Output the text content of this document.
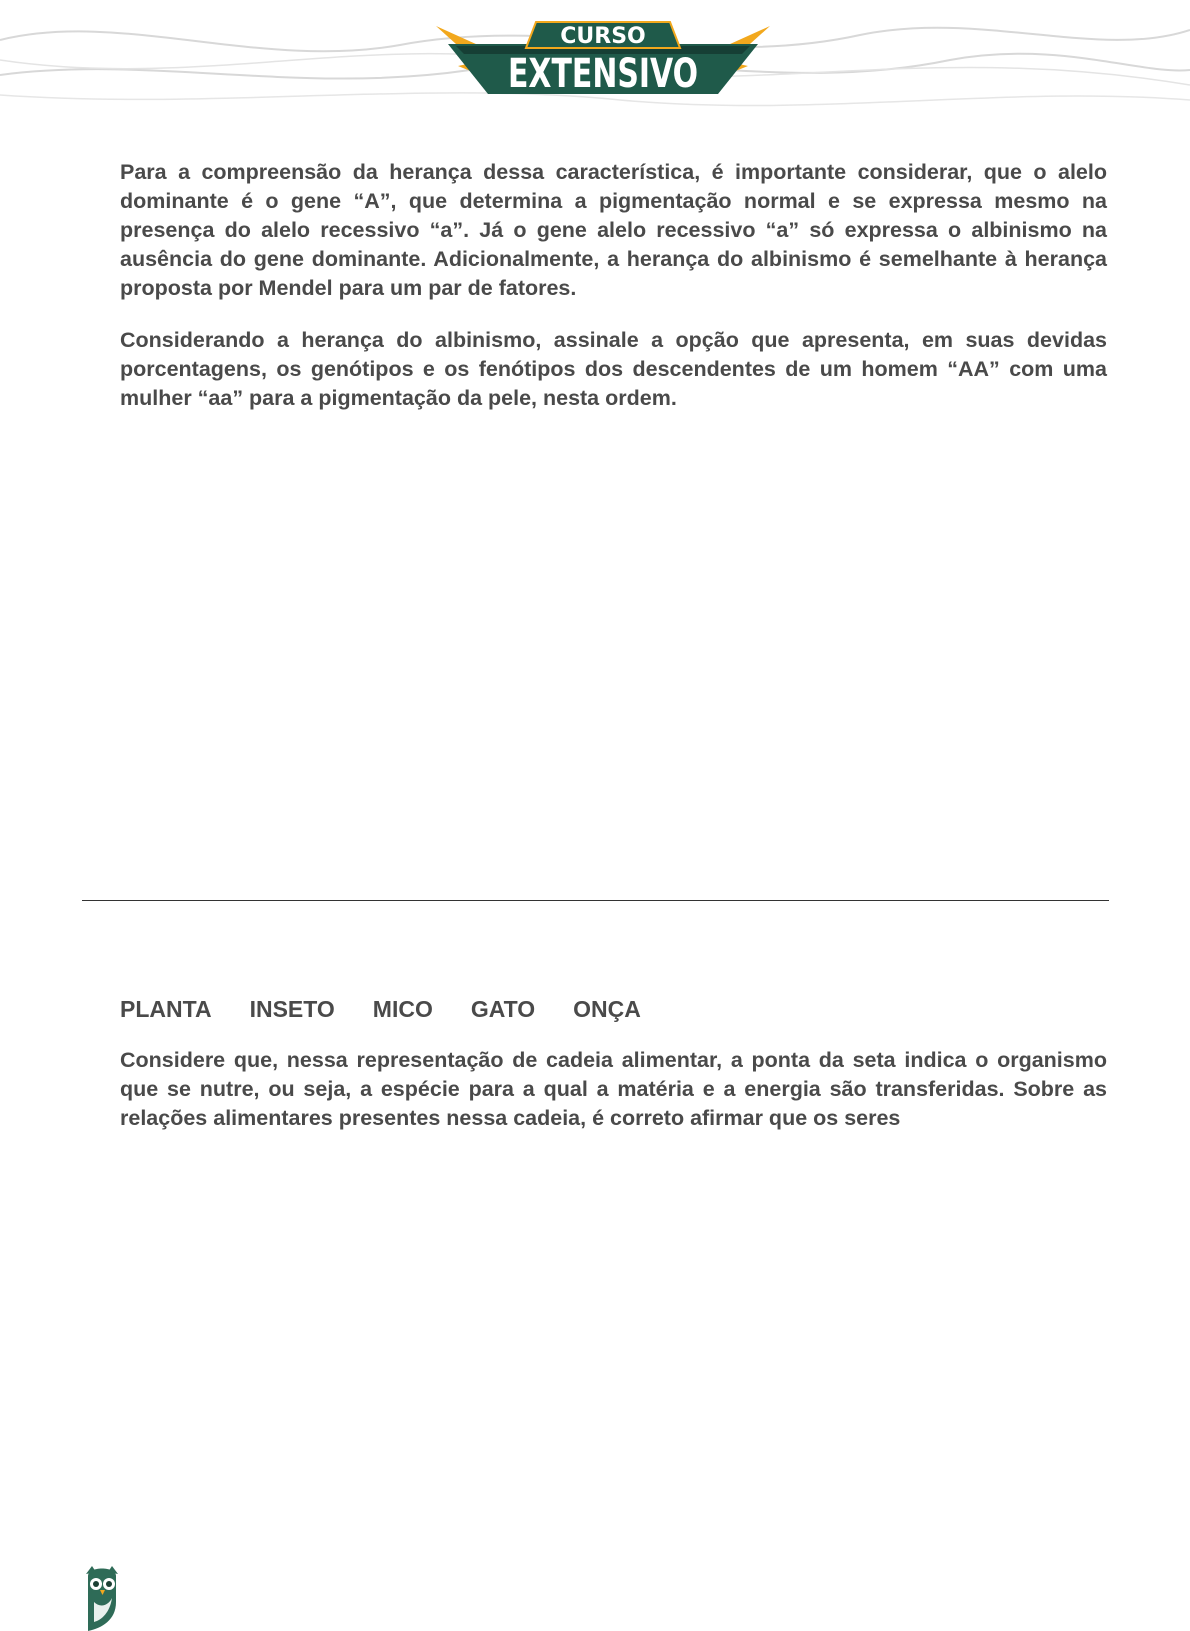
CURSO
EXTENSIVO

Para a compreensão da herança dessa característica, é importante considerar, que o alelo dominante é o gene “A”, que determina a pigmentação normal e se expressa mesmo na presença do alelo recessivo “a”. Já o gene alelo recessivo “a” só expressa o albinismo na ausência do gene dominante. Adicionalmente, a herança do albinismo é semelhante à herança proposta por Mendel para um par de fatores.

Considerando a herança do albinismo, assinale a opção que apresenta, em suas devidas porcentagens, os genótipos e os fenótipos dos descendentes de um homem “AA” com uma mulher “aa” para a pigmentação da pele, nesta ordem.

PLANTA INSETO MICO GATO ONÇA

Considere que, nessa representação de cadeia alimentar, a ponta da seta indica o organismo que se nutre, ou seja, a espécie para a qual a matéria e a energia são transferidas. Sobre as relações alimentares presentes nessa cadeia, é correto afirmar que os seres
